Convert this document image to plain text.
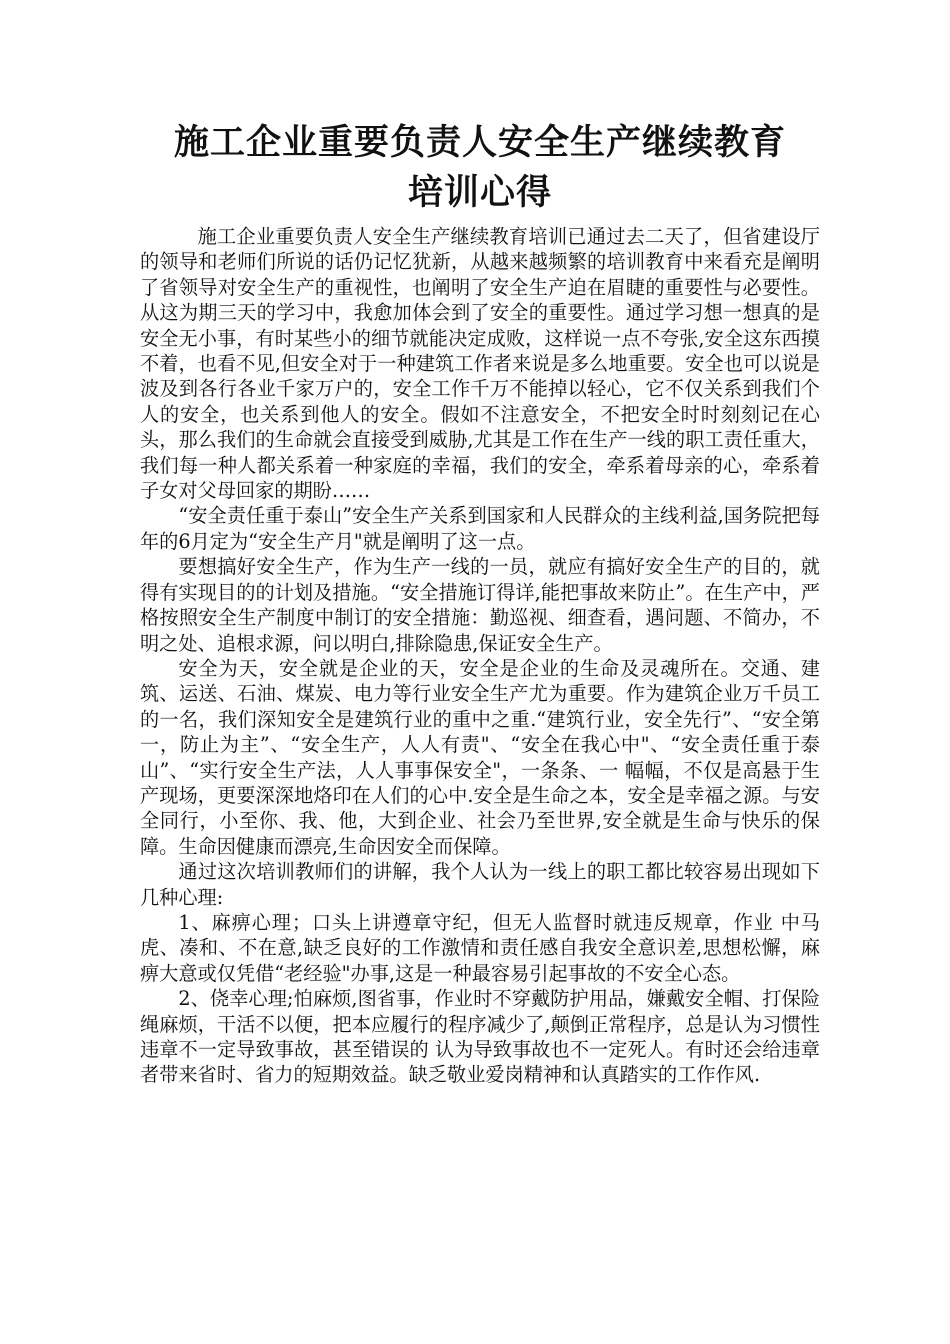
施工企业重要负责人安全生产继续教育
培训心得

施工企业重要负责人安全生产继续教育培训已通过去二天了，但省建设厅的领导和老师们所说的话仍记忆犹新，从越来越频繁的培训教育中来看充是阐明了省领导对安全生产的重视性，也阐明了安全生产迫在眉睫的重要性与必要性。 从这为期三天的学习中，我愈加体会到了安全的重要性。通过学习想一想真的是安全无小事，有时某些小的细节就能决定成败，这样说一点不夸张,安全这东西摸不着，也看不见,但安全对于一种建筑工作者来说是多么地重要。安全也可以说是波及到各行各业千家万户的，安全工作千万不能掉以轻心，它不仅关系到我们个人的安全，也关系到他人的安全。假如不注意安全，不把安全时时刻刻记在心头，那么我们的生命就会直接受到威胁,尤其是工作在生产一线的职工责任重大， 我们每一种人都关系着一种家庭的幸福，我们的安全，牵系着母亲的心，牵系着子女对父母回家的期盼……

“安全责任重于泰山”安全生产关系到国家和人民群众的主线利益,国务院把每年的6月定为“安全生产月"就是阐明了这一点。

要想搞好安全生产，作为生产一线的一员，就应有搞好安全生产的目的，就得有实现目的的计划及措施。“安全措施订得详,能把事故来防止”。在生产中，严格按照安全生产制度中制订的安全措施：勤巡视、细查看，遇问题、不简办，不明之处、追根求源，问以明白,排除隐患,保证安全生产。

安全为天，安全就是企业的天，安全是企业的生命及灵魂所在。交通、建筑、运送、石油、煤炭、电力等行业安全生产尤为重要。作为建筑企业万千员工的一名，我们深知安全是建筑行业的重中之重.“建筑行业，安全先行”、“安全第一，防止为主”、“安全生产，人人有责"、“安全在我心中"、“安全责任重于泰山”、“实行安全生产法，人人事事保安全"，一条条、一 幅幅，不仅是高悬于生产现场，更要深深地烙印在人们的心中.安全是生命之本，安全是幸福之源。与安全同行，小至你、我、他，大到企业、社会乃至世界,安全就是生命与快乐的保障。生命因健康而漂亮,生命因安全而保障。

通过这次培训教师们的讲解，我个人认为一线上的职工都比较容易出现如下几种心理:

1、麻痹心理；口头上讲遵章守纪，但无人监督时就违反规章，作业 中马虎、凑和、不在意,缺乏良好的工作激情和责任感自我安全意识差,思想松懈，麻痹大意或仅凭借“老经验"办事,这是一种最容易引起事故的不安全心态。

2、侥幸心理;怕麻烦,图省事，作业时不穿戴防护用品，嫌戴安全帽、打保险绳麻烦，干活不以便，把本应履行的程序减少了,颠倒正常程序，总是认为习惯性违章不一定导致事故，甚至错误的 认为导致事故也不一定死人。有时还会给违章者带来省时、省力的短期效益。缺乏敬业爱岗精神和认真踏实的工作作风.
